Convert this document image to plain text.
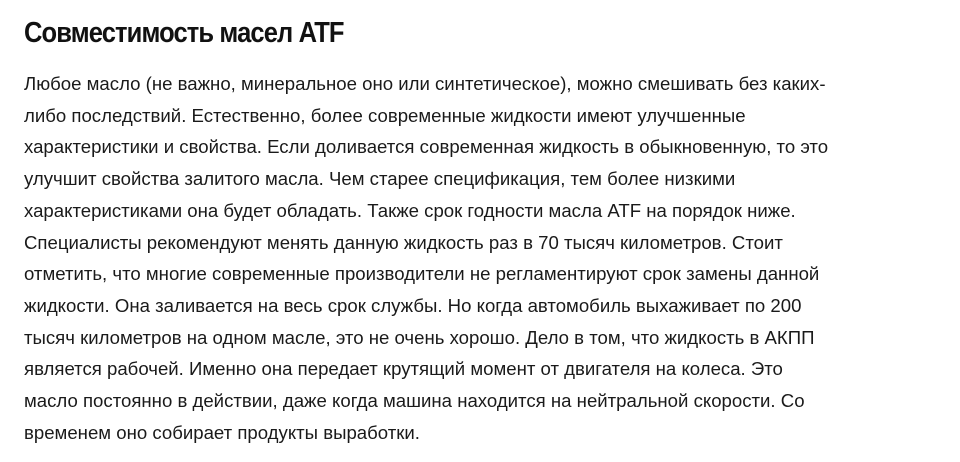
Совместимость масел ATF

Любое масло (не важно, минеральное оно или синтетическое), можно смешивать без каких-
либо последствий. Естественно, более современные жидкости имеют улучшенные
характеристики и свойства. Если доливается современная жидкость в обыкновенную, то это
улучшит свойства залитого масла. Чем старее спецификация, тем более низкими
характеристиками она будет обладать. Также срок годности масла ATF на порядок ниже.
Специалисты рекомендуют менять данную жидкость раз в 70 тысяч километров. Стоит
отметить, что многие современные производители не регламентируют срок замены данной
жидкости. Она заливается на весь срок службы. Но когда автомобиль выхаживает по 200
тысяч километров на одном масле, это не очень хорошо. Дело в том, что жидкость в АКПП
является рабочей. Именно она передает крутящий момент от двигателя на колеса. Это
масло постоянно в действии, даже когда машина находится на нейтральной скорости. Со
временем оно собирает продукты выработки.
